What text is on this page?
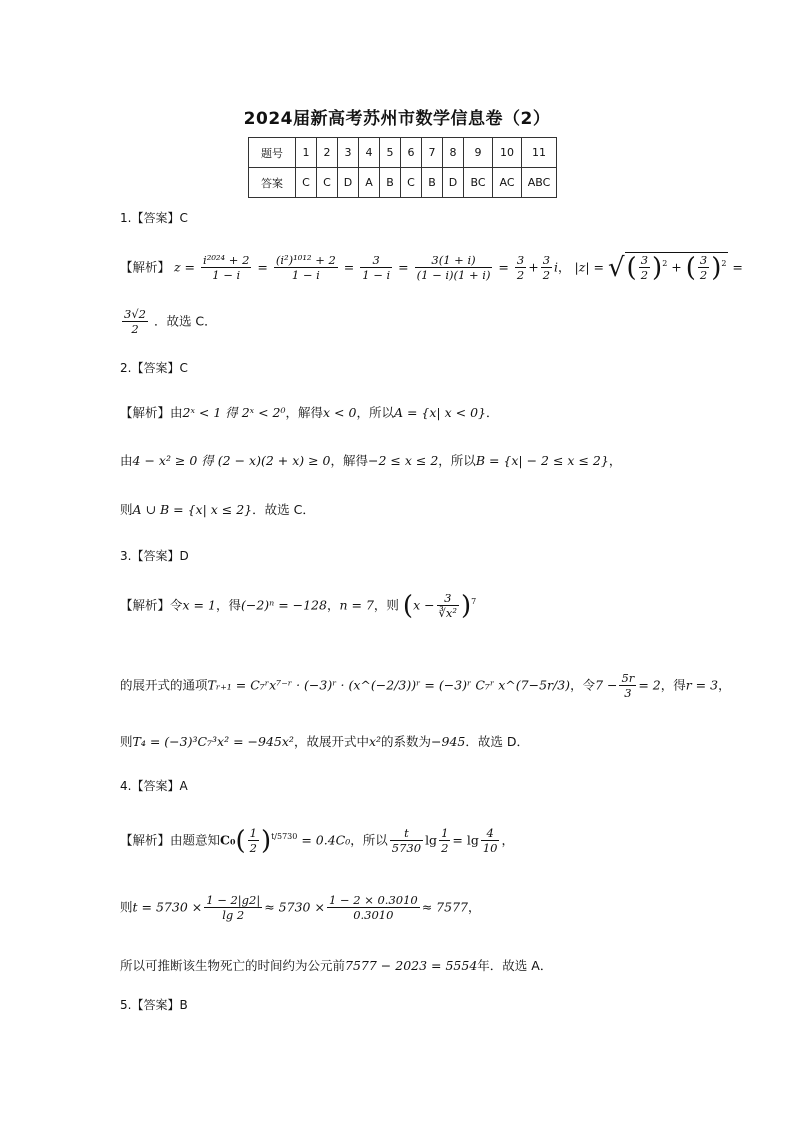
2024届新高考苏州市数学信息卷（2）
题号	1	2	3	4	5	6	7	8	9	10	11
答案	C	C	D	A	B	C	B	D	BC	AC	ABC
1.【答案】C
【解析】 $z = \frac{\text{i²⁰²⁴ + 2}}{1 - i} = \frac{\text{(i²)¹⁰¹² + 2}}{1 - i} = \frac{3}{1 - i} = \frac{3(1 + i)}{(1 - i)(1 + i)} = \frac{3}{2} + \frac{3}{2}$ i， |z| = √( $\frac{3}{2} )^2$ + ( $\frac{3}{2} )^2$ =
$\frac{3√2}{2}$ ．故选 C．
2.【答案】C
【解析】由2ˣ < 1 得 2ˣ < 2⁰，解得x < 0，所以A = {x| x < 0}．
由4 − x² ≥ 0 得 (2 − x)(2 + x) ≥ 0，解得−2 ≤ x ≤ 2，所以B = {x| − 2 ≤ x ≤ 2}，
则A ∪ B = {x| x ≤ 2}．故选 C．
3.【答案】D
【解析】令x = 1，得(−2)ⁿ = −128，n = 7，则 $(x - \frac{3}{\text{∛x²}} )^7$
的展开式的通项Tᵣ₊₁ = C₇ʳx⁷⁻ʳ · (−3)ʳ · (x^(−2/3))ʳ = (−3)ʳ C₇ʳ x^(7−5r/3)，令$7 - \frac{5r}{3} = 2$，得r = 3，
则T₄ = (−3)³C₇³x² = −945x²，故展开式中x²的系数为−945．故选 D．
4.【答案】A
【解析】由题意知$C_0( \frac{1}{2} )^{t/5730} = 0.4C_0$，所以 $\frac{t}{5730}$ $\lg \frac{1}{2} = \lg \frac{4}{10}$ ，
则$t = 5730 \times \frac{1 - 2|g2|}{\lg 2} \approx 5730 \times \frac{1 - 2 \times 0.3010}{0.3010} \approx 7577$，
所以可推断该生物死亡的时间约为公元前7577 − 2023 = 5554年．故选 A．
5.【答案】B
